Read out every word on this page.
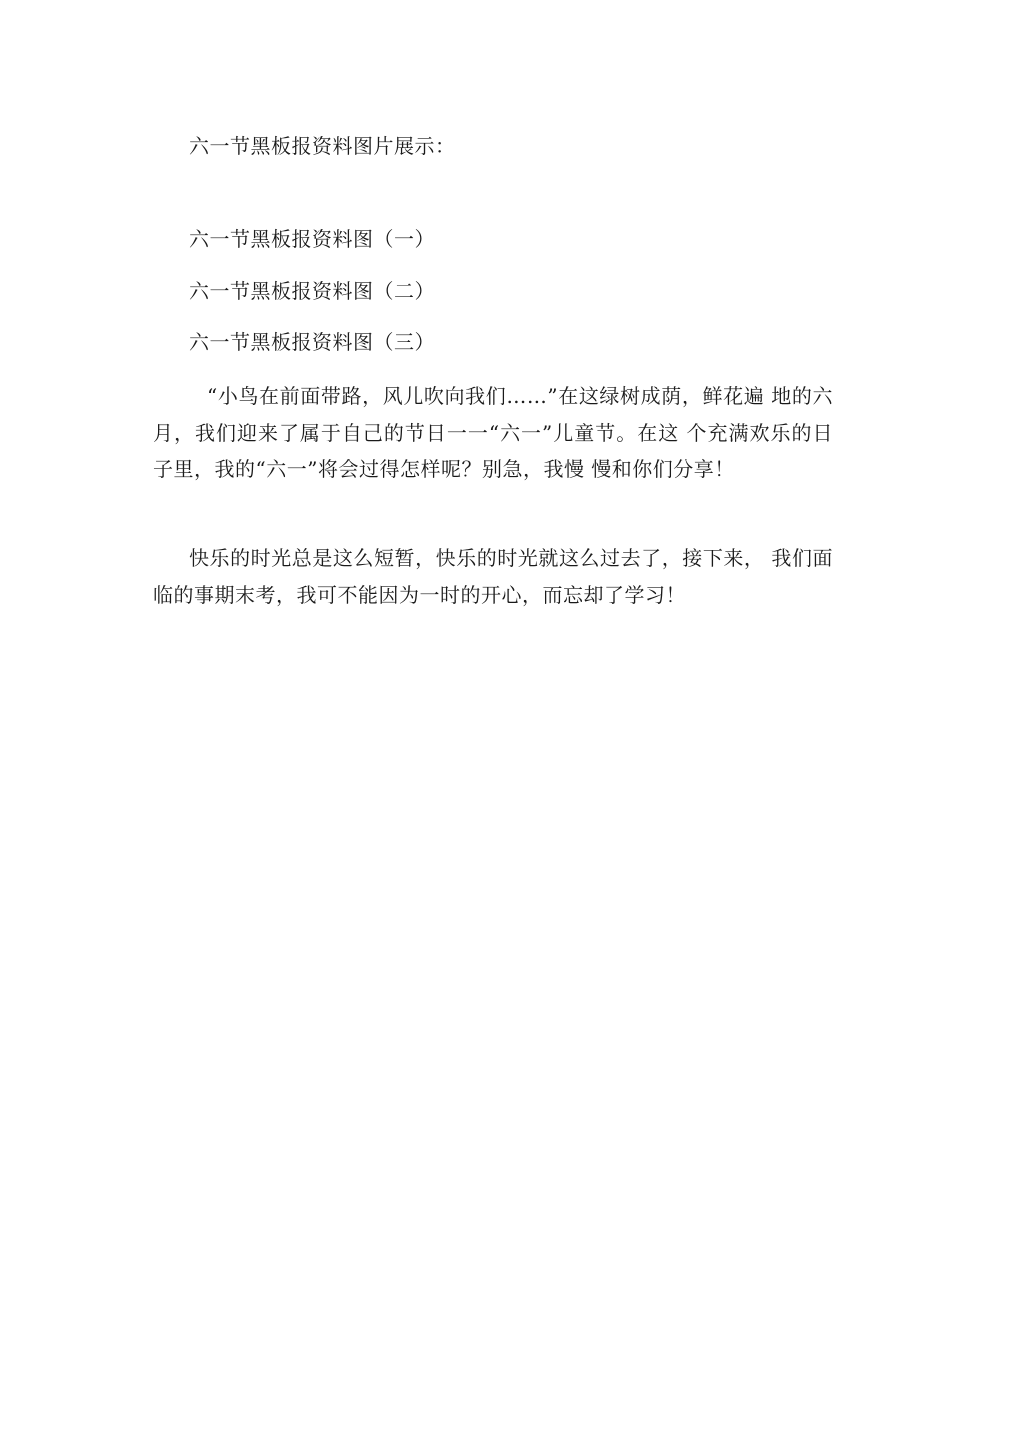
六一节黑板报资料图片展示：
六一节黑板报资料图（一）
六一节黑板报资料图（二）
六一节黑板报资料图（三）
“小鸟在前面带路，风儿吹向我们……”在这绿树成荫，鲜花遍 地的六月，我们迎来了属于自己的节日一一“六一”儿童节。在这 个充满欢乐的日子里，我的“六一”将会过得怎样呢？别急，我慢 慢和你们分享！
快乐的时光总是这么短暂，快乐的时光就这么过去了，接下来， 我们面临的事期末考，我可不能因为一时的开心，而忘却了学习！
